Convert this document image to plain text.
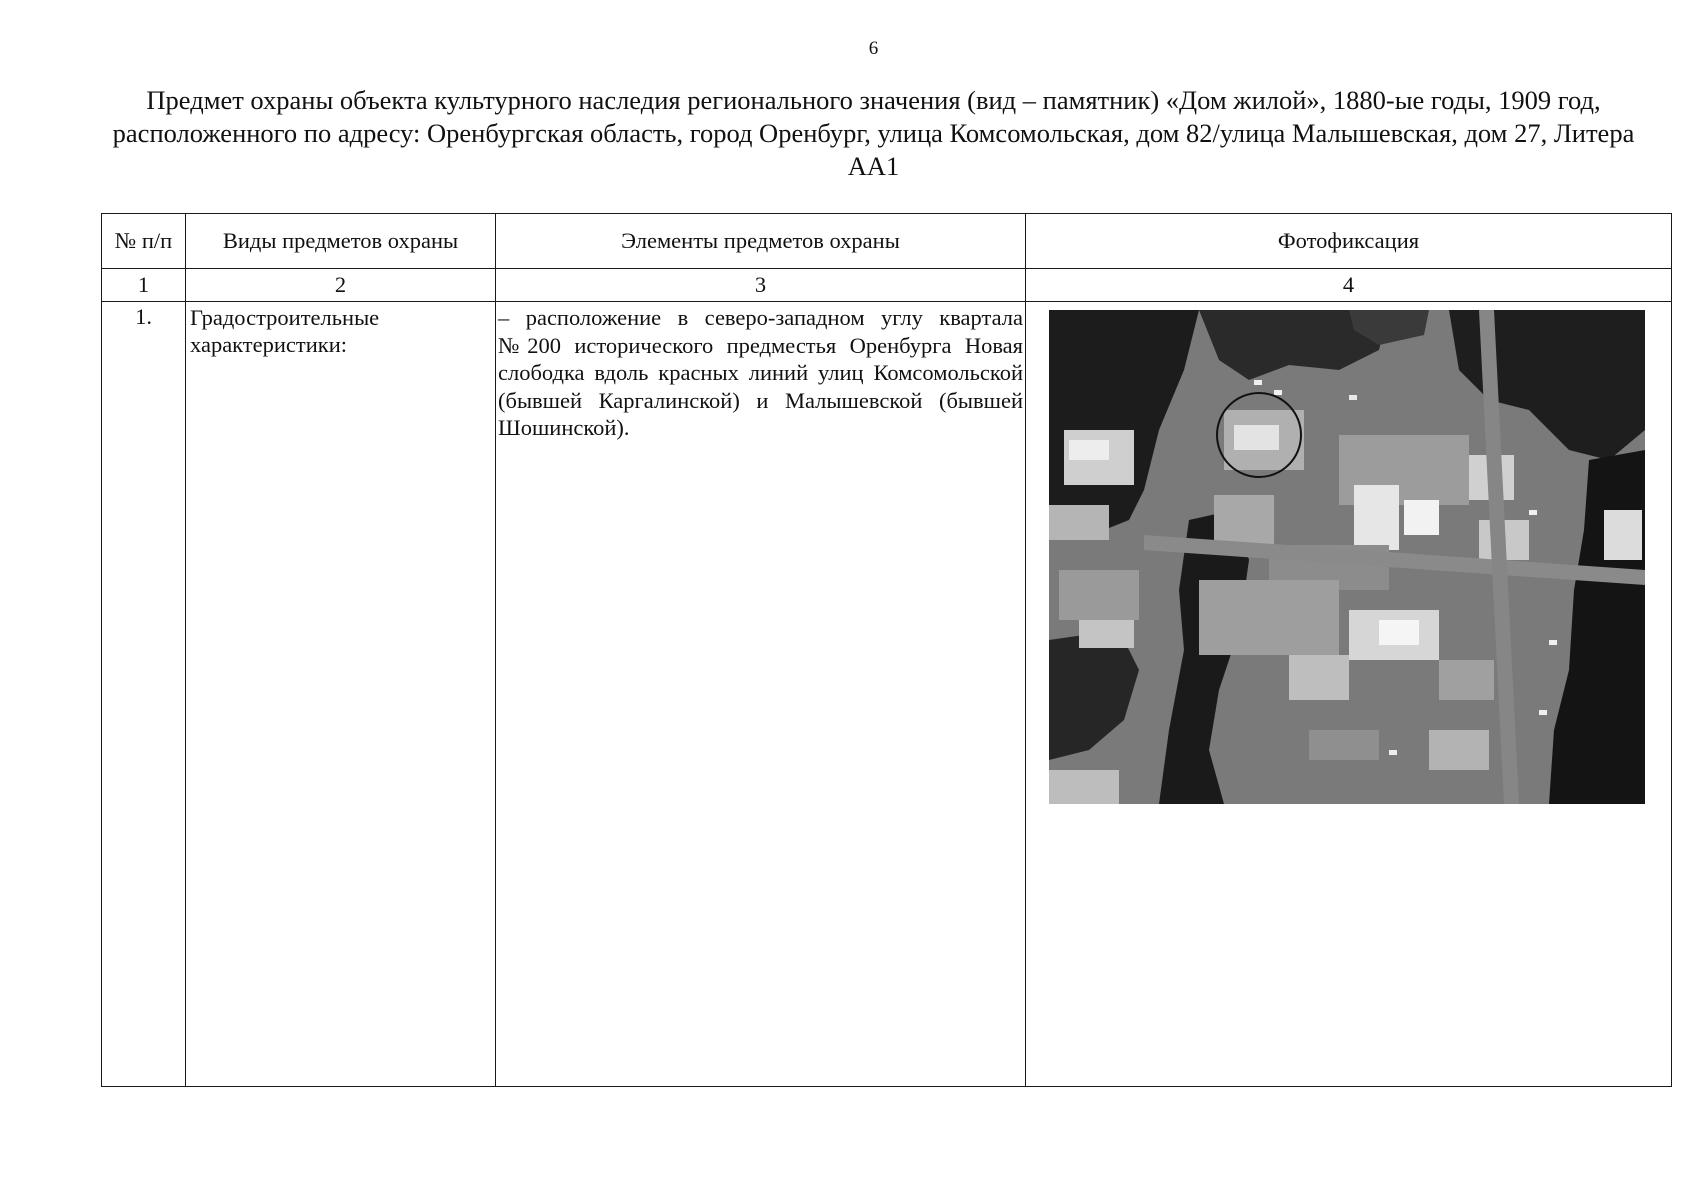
6
Предмет охраны объекта культурного наследия регионального значения (вид – памятник) «Дом жилой», 1880-ые годы, 1909 год, расположенного по адресу: Оренбургская область, город Оренбург, улица Комсомольская, дом 82/улица Малышевская, дом 27, Литера АА1
№ п/п	Виды предметов охраны	Элементы предметов охраны	Фотофиксация
1	2	3	4
1.	Градостроительные характеристики:	– расположение в северо-западном углу квартала №200 исторического предместья Оренбурга Новая слободка вдоль красных линий улиц Комсомольской (бывшей Каргалинской) и Малышевской (бывшей Шошинской).	
